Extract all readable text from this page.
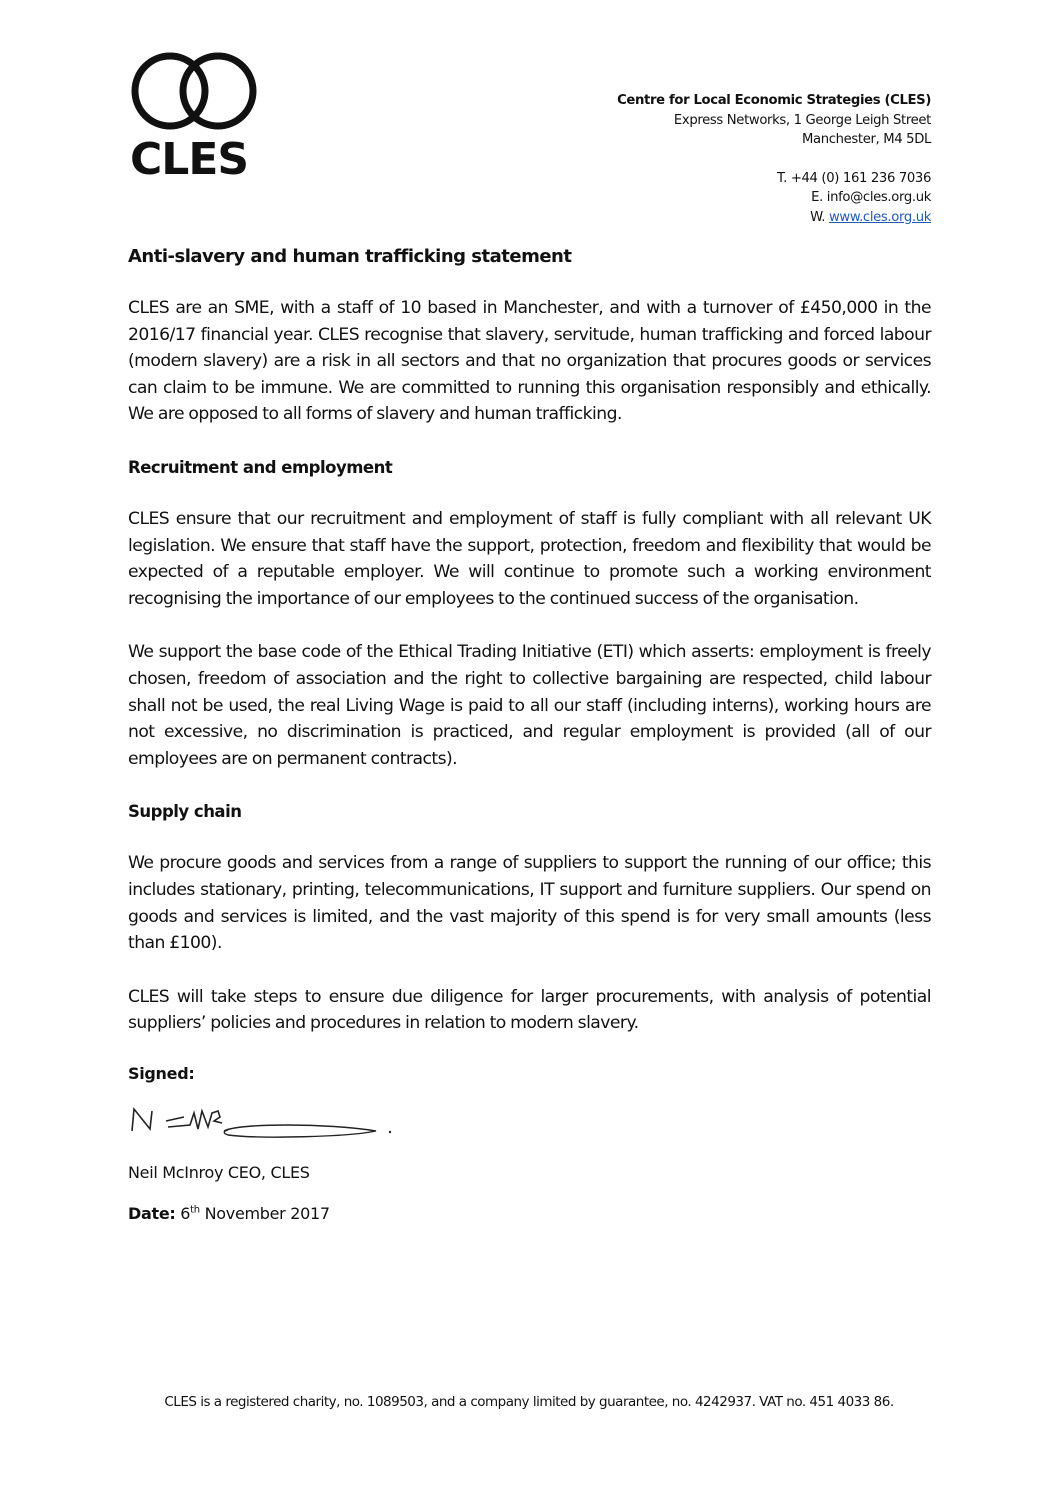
CLES
Centre for Local Economic Strategies (CLES)
Express Networks, 1 George Leigh Street
Manchester, M4 5DL
T. +44 (0) 161 236 7036
E. info@cles.org.uk
W. www.cles.org.uk
Anti-slavery and human trafficking statement

CLES are an SME, with a staff of 10 based in Manchester, and with a turnover of £450,000 in the 2016/17 financial year. CLES recognise that slavery, servitude, human trafficking and forced labour (modern slavery) are a risk in all sectors and that no organization that procures goods or services can claim to be immune. We are committed to running this organisation responsibly and ethically. We are opposed to all forms of slavery and human trafficking.

Recruitment and employment

CLES ensure that our recruitment and employment of staff is fully compliant with all relevant UK legislation. We ensure that staff have the support, protection, freedom and flexibility that would be expected of a reputable employer. We will continue to promote such a working environment recognising the importance of our employees to the continued success of the organisation.

We support the base code of the Ethical Trading Initiative (ETI) which asserts: employment is freely chosen, freedom of association and the right to collective bargaining are respected, child labour shall not be used, the real Living Wage is paid to all our staff (including interns), working hours are not excessive, no discrimination is practiced, and regular employment is provided (all of our employees are on permanent contracts).

Supply chain

We procure goods and services from a range of suppliers to support the running of our office; this includes stationary, printing, telecommunications, IT support and furniture suppliers. Our spend on goods and services is limited, and the vast majority of this spend is for very small amounts (less than £100).

CLES will take steps to ensure due diligence for larger procurements, with analysis of potential suppliers’ policies and procedures in relation to modern slavery.

Signed:
Neil McInroy CEO, CLES
Date: 6th November 2017
CLES is a registered charity, no. 1089503, and a company limited by guarantee, no. 4242937. VAT no. 451 4033 86.
